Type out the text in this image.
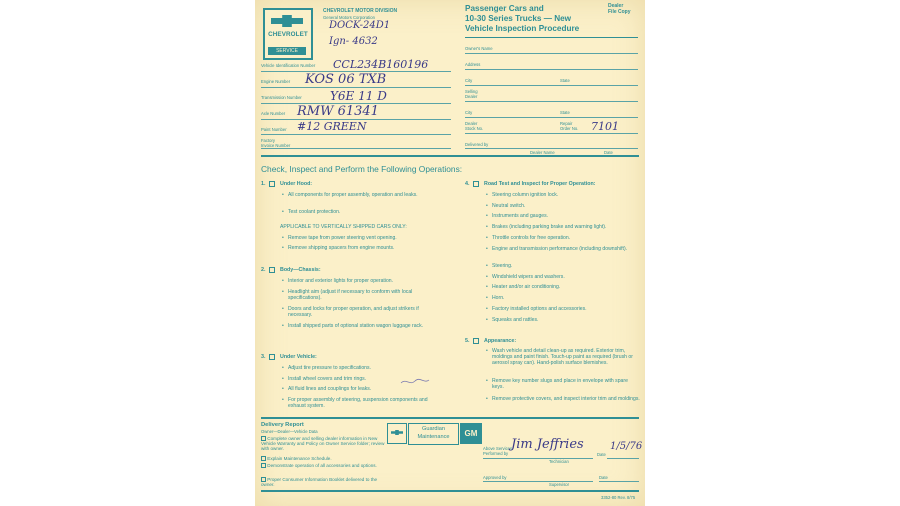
CHEVROLET
SERVICE
CHEVROLET MOTOR DIVISION
General Motors Corporation
Passenger Cars and
10-30 Series Trucks — New
Vehicle Inspection Procedure
Dealer
File Copy
DOCK-24D1
Ign- 4632
Vehicle Identification Number CCL234B160196
Engine Number KOS 06 TXB
Transmission Number Y6E 11 D
Axle Number RMW 61341
Paint Number #12 GREEN
Factory
Invoice Number
Owner's Name
Address
City	State
Selling
Dealer
City	State
Dealer
Stock No.
Repair
Order No. 7101
Delivered by
Dealer Name	Date
Check, Inspect and Perform the Following Operations:
1.	Under Hood:
• All components for proper assembly, operation and leaks.
• Test coolant protection.
APPLICABLE TO VERTICALLY SHIPPED CARS ONLY:
• Remove tape from power steering vent opening.
• Remove shipping spacers from engine mounts.
2.	Body—Chassis:
• Interior and exterior lights for proper operation.
• Headlight aim (adjust if necessary to conform with local specifications).
• Doors and locks for proper operation, and adjust strikers if necessary.
• Install shipped parts of optional station wagon luggage rack.
3.	Under Vehicle:
• Adjust tire pressure to specifications.
• Install wheel covers and trim rings.
• All fluid lines and couplings for leaks.
• For proper assembly of steering, suspension components and exhaust system.
4.	Road Test and Inspect for Proper Operation:
• Steering column ignition lock.
• Neutral switch.
• Instruments and gauges.
• Brakes (including parking brake and warning light).
• Throttle controls for free operation.
• Engine and transmission performance (including downshift).
• Steering.
• Windshield wipers and washers.
• Heater and/or air conditioning.
• Horn.
• Factory installed options and accessories.
• Squeaks and rattles.
5.	Appearance:
• Wash vehicle and detail clean-up as required. Exterior trim, moldings and paint finish. Touch-up paint as required (brush or aerosol spray can). Hand-polish surface blemishes.
• Remove key number slugs and place in envelope with spare keys.
• Remove protective covers, and inspect interior trim and moldings.
Delivery Report
Owner—Dealer—Vehicle Data
Complete owner and selling dealer information in New Vehicle Warranty and Policy on Owner Service folder; review with owner.
Explain Maintenance Schedule.
Demonstrate operation of all accessories and options.
Proper Consumer Information Booklet delivered to the owner.
Guardian
Maintenance	GM
Above Services
Performed by
Jim Jeffries
Technician
Date
1/5/76
Approved by
Supervisor
Date
3352-80 Rev. 8/75
